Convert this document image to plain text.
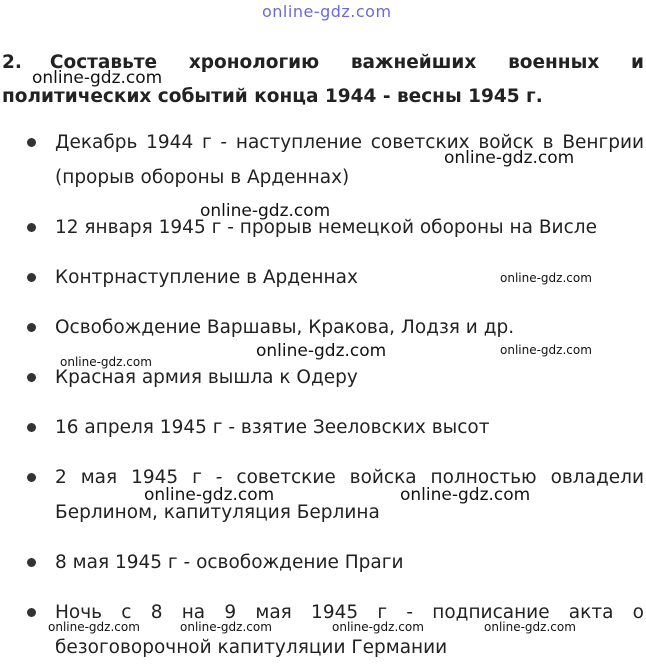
online-gdz.com

2. Составьте хронологию важнейших военных и политических событий конца 1944 - весны 1945 г.

Декабрь 1944 г - наступление советских войск в Венгрии (прорыв обороны в Арденнах)
12 января 1945 г - прорыв немецкой обороны на Висле
Контрнаступление в Арденнах
Освобождение Варшавы, Кракова, Лодзя и др.
Красная армия вышла к Одеру
16 апреля 1945 г - взятие Зееловских высот
2 мая 1945 г - советские войска полностью овладели Берлином, капитуляция Берлина
8 мая 1945 г - освобождение Праги
Ночь с 8 на 9 мая 1945 г - подписание акта о безоговорочной капитуляции Германии
online-gdz.com
online-gdz.com
online-gdz.com
online-gdz.com
online-gdz.com	online-gdz.com
online-gdz.com
online-gdz.com	online-gdz.com
online-gdz.com	online-gdz.com	online-gdz.com	online-gdz.com
